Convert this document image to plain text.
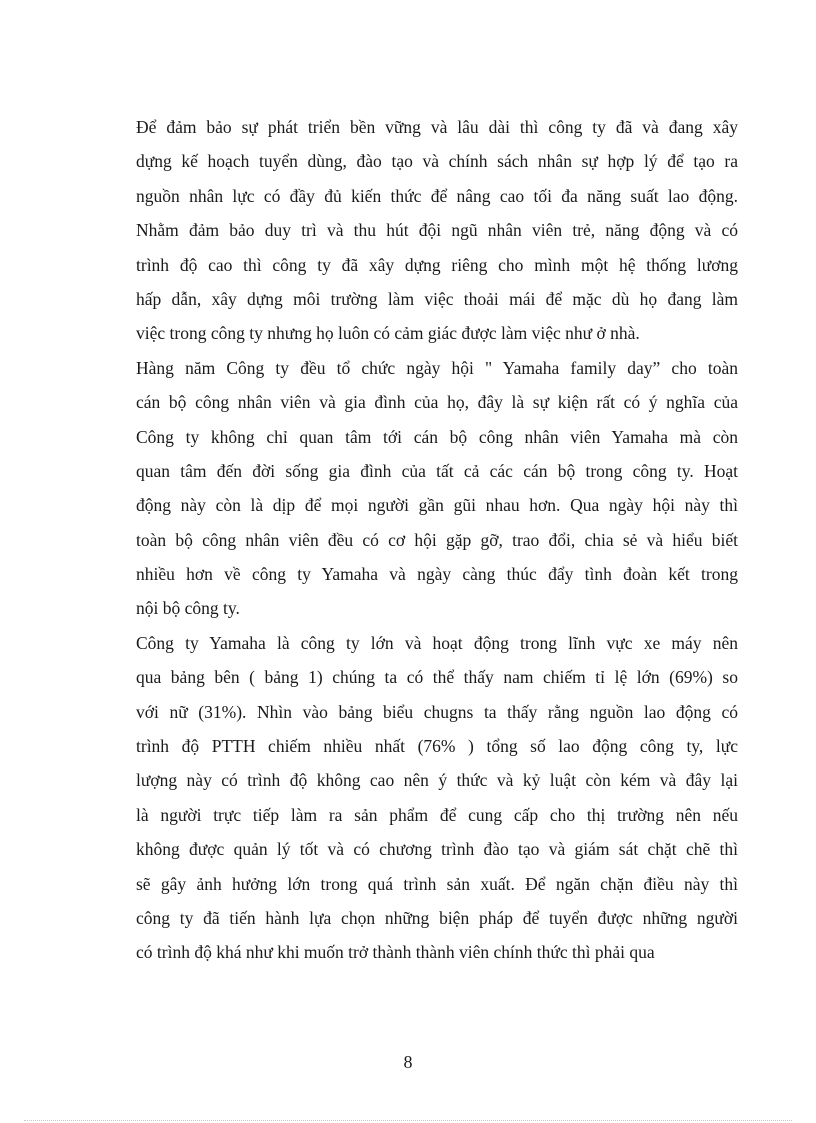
Để đảm bảo sự phát triển bền vững và lâu dài thì công ty đã và đang xây
dựng kế hoạch tuyển dùng, đào tạo và chính sách nhân sự hợp lý để tạo ra
nguồn nhân lực có đầy đủ kiến thức để nâng cao tối đa năng suất lao động.
Nhằm đảm bảo duy trì và thu hút đội ngũ nhân viên trẻ, năng động và có
trình độ cao thì công ty đã xây dựng riêng cho mình một hệ thống lương
hấp dẫn, xây dựng môi trường làm việc thoải mái để mặc dù họ đang làm
việc trong công ty nhưng họ luôn có cảm giác được làm việc như ở nhà.
Hàng năm Công ty đều tổ chức ngày hội " Yamaha family day” cho toàn
cán bộ công nhân viên và gia đình của họ, đây là sự kiện rất có ý nghĩa của
Công ty không chỉ quan tâm tới cán bộ công nhân viên Yamaha mà còn
quan tâm đến đời sống gia đình của tất cả các cán bộ trong công ty. Hoạt
động này còn là dịp để mọi người gần gũi nhau hơn. Qua ngày hội này thì
toàn bộ công nhân viên đều có cơ hội gặp gỡ, trao đổi, chia sẻ và hiểu biết
nhiều hơn về công ty Yamaha và ngày càng thúc đẩy tình đoàn kết trong
nội bộ công ty.
Công ty Yamaha là công ty lớn và hoạt động trong lĩnh vực xe máy nên
qua bảng bên ( bảng 1) chúng ta có thể thấy nam chiếm tỉ lệ lớn (69%) so
với nữ (31%). Nhìn vào bảng biểu chugns ta thấy rằng nguồn lao động có
trình độ PTTH chiếm nhiều nhất (76% ) tổng số lao động công ty, lực
lượng này có trình độ không cao nên ý thức và kỷ luật còn kém và đây lại
là người trực tiếp làm ra sản phẩm để cung cấp cho thị trường nên nếu
không được quản lý tốt và có chương trình đào tạo và giám sát chặt chẽ thì
sẽ gây ảnh hưởng lớn trong quá trình sản xuất. Để ngăn chặn điều này thì
công ty đã tiến hành lựa chọn những biện pháp để tuyển được những người
có trình độ khá như khi muốn trở thành thành viên chính thức thì phải qua
8
